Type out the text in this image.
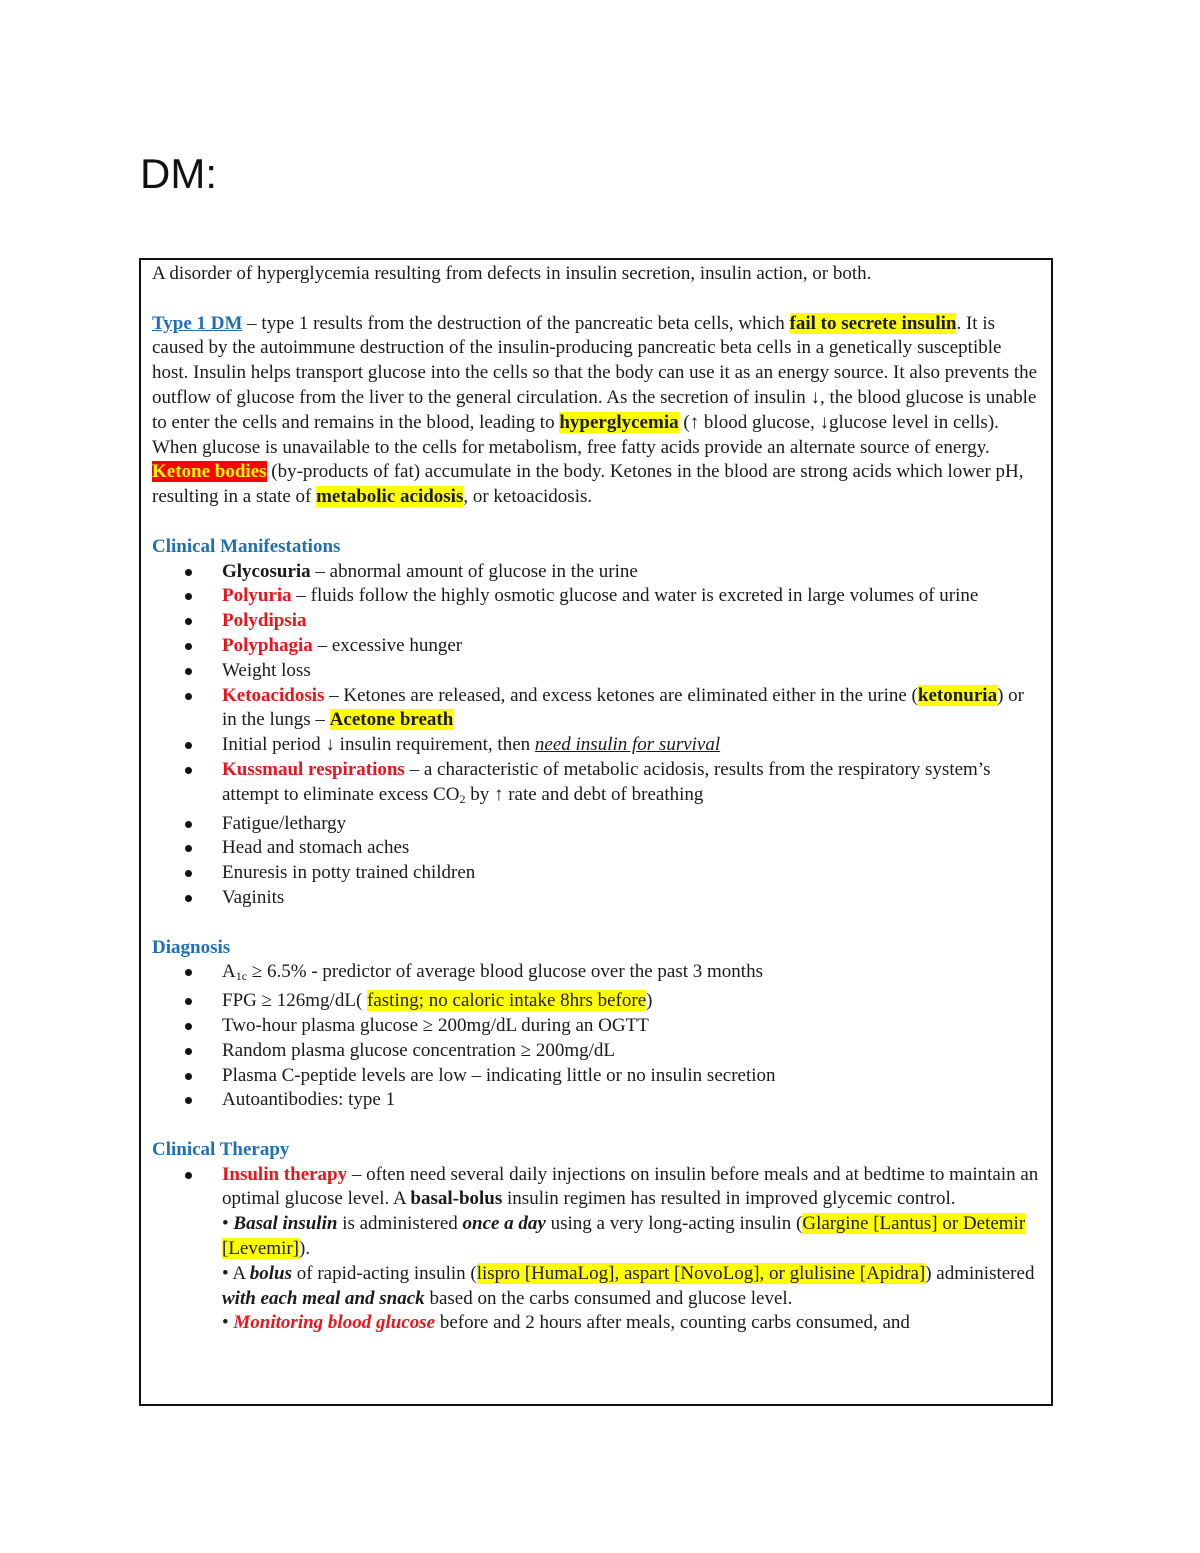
DM:

A disorder of hyperglycemia resulting from defects in insulin secretion, insulin action, or both.

Type 1 DM – type 1 results from the destruction of the pancreatic beta cells, which fail to secrete insulin. It is caused by the autoimmune destruction of the insulin-producing pancreatic beta cells in a genetically susceptible host. Insulin helps transport glucose into the cells so that the body can use it as an energy source. It also prevents the outflow of glucose from the liver to the general circulation. As the secretion of insulin ↓, the blood glucose is unable to enter the cells and remains in the blood, leading to hyperglycemia (↑ blood glucose, ↓glucose level in cells). When glucose is unavailable to the cells for metabolism, free fatty acids provide an alternate source of energy. Ketone bodies (by-products of fat) accumulate in the body. Ketones in the blood are strong acids which lower pH, resulting in a state of metabolic acidosis, or ketoacidosis.

Clinical Manifestations

Glycosuria – abnormal amount of glucose in the urine
Polyuria – fluids follow the highly osmotic glucose and water is excreted in large volumes of urine
Polydipsia
Polyphagia – excessive hunger
Weight loss
Ketoacidosis – Ketones are released, and excess ketones are eliminated either in the urine (ketonuria) or in the lungs – Acetone breath
Initial period ↓ insulin requirement, then need insulin for survival
Kussmaul respirations – a characteristic of metabolic acidosis, results from the respiratory system’s attempt to eliminate excess $CO_2$ by ↑ rate and debt of breathing
Fatigue/lethargy
Head and stomach aches
Enuresis in potty trained children
Vaginits

Diagnosis

$A_{1c} \ge 6.5\%$ - predictor of average blood glucose over the past 3 months
FPG ≥ 126mg/dL( fasting; no caloric intake 8hrs before)
Two-hour plasma glucose ≥ 200mg/dL during an OGTT
Random plasma glucose concentration ≥ 200mg/dL
Plasma C-peptide levels are low – indicating little or no insulin secretion
Autoantibodies: type 1

Clinical Therapy

Insulin therapy – often need several daily injections on insulin before meals and at bedtime to maintain an optimal glucose level. A basal-bolus insulin regimen has resulted in improved glycemic control.

• Basal insulin is administered once a day using a very long-acting insulin (Glargine [Lantus] or Detemir [Levemir]).

• A bolus of rapid-acting insulin (lispro [HumaLog], aspart [NovoLog], or glulisine [Apidra]) administered with each meal and snack based on the carbs consumed and glucose level.

• Monitoring blood glucose before and 2 hours after meals, counting carbs consumed, and
